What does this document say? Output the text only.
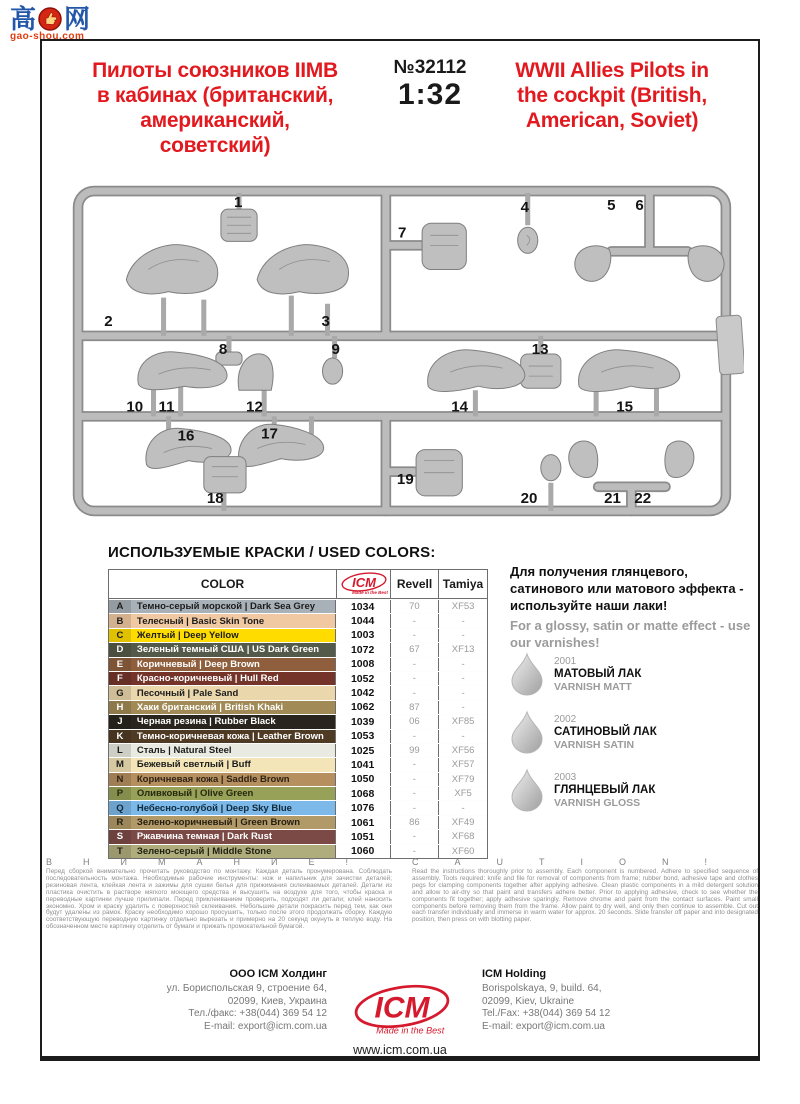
高 网
gao-shou.com
Пилоты союзников IIМВ
в кабинах (британский,
американский,
советский)
№32112
1:32
WWII Allies Pilots in
the cockpit (British,
American, Soviet)
1
2	3
4	5 6
7
8	9
10 11	12
13
14	15
16	17
18
19
20	21 22
ИСПОЛЬЗУЕМЫЕ КРАСКИ / USED COLORS:
COLOR	ICM
Made in the Best
Revell Tamiya
A	Темно-серый морской | Dark Sea Grey	1034	70	XF53
B	Телесный | Basic Skin Tone	1044	-	-
C	Желтый | Deep Yellow	1003	-	-
D	Зеленый темный США | US Dark Green	1072	67	XF13
E	Коричневый | Deep Brown	1008	-	-
F	Красно-коричневый | Hull Red	1052	-	-
G	Песочный | Pale Sand	1042	-	-
H	Хаки британский | British Khaki	1062	87	-
J	Черная резина | Rubber Black	1039	06	XF85
K	Темно-коричневая кожа | Leather Brown	1053	-	-
L	Сталь | Natural Steel	1025	99	XF56
M	Бежевый светлый | Buff	1041	-	XF57
N	Коричневая кожа | Saddle Brown	1050	-	XF79
P	Оливковый | Olive Green	1068	-	XF5
Q	Небесно-голубой | Deep Sky Blue	1076	-	-
R	Зелено-коричневый | Green Brown	1061	86	XF49
S	Ржавчина темная | Dark Rust	1051	-	XF68
T	Зелено-серый | Middle Stone	1060	-	XF60
Для получения глянцевого, сатинового или матового эффекта - используйте наши лаки!
For a glossy, satin or matte effect - use our varnishes!
2001
МАТОВЫЙ ЛАК
VARNISH MATT
2002
САТИНОВЫЙ ЛАК
VARNISH SATIN
2003
ГЛЯНЦЕВЫЙ ЛАК
VARNISH GLOSS
ВНИМАНИЕ!
Перед сборкой внимательно прочитать руководство по монтажу. Каждая деталь пронумерована. Соблюдать последовательность монтажа. Необходимые рабочие инструменты: нож и напильник для зачистки деталей; резиновая лента, клейкая лента и зажимы для сушки белья для прижимания склеиваемых деталей. Детали из пластика очистить в растворе мягкого моющего средства и высушить на воздухе для того, чтобы краска и переводные картинки лучше прилипали. Перед приклеиванием проверить, подходят ли детали; клей наносить экономно. Хром и краску удалить с поверхностей склеивания. Небольшие детали покрасить перед тем, как они будут удалены из рамок. Краску необходимо хорошо просушить, только после этого продолжать сборку. Каждую соответствующую переводную картинку отдельно вырезать и примерно на 20 секунд окунуть в теплую воду. На обозначенном месте картинку отделить от бумаги и прижать промокательной бумагой.
CAUTION!
Read the instructions thoroughly prior to assembly. Each component is numbered. Adhere to specified sequence of assembly. Tools required: knife and file for removal of components from frame; rubber bond, adhesive tape and clothes pegs for clamping components together after applying adhesive. Clean plastic components in a mild detergent solution and allow to air-dry so that paint and transfers adhere better. Prior to applying adhesive, check to see whether the components fit together; apply adhesive sparingly. Remove chrome and paint from the contact surfaces. Paint small components before removing them from the frame. Allow paint to dry well, and only then continue to assemble. Cut out each transfer individually and immerse in warm water for approx. 20 seconds. Slide transfer off paper and into designated position, then press on with blotting paper.
ООО ICM Холдинг
ул. Бориспольская 9, строение 64,
02099, Киев, Украина
Тел./факс: +38(044) 369 54 12
E-mail: export@icm.com.ua
ICM
Made in the Best
www.icm.com.ua
ICM Holding
Borispolskaya, 9, build. 64,
02099, Kiev, Ukraine
Tel./Fax: +38(044) 369 54 12
E-mail: export@icm.com.ua
